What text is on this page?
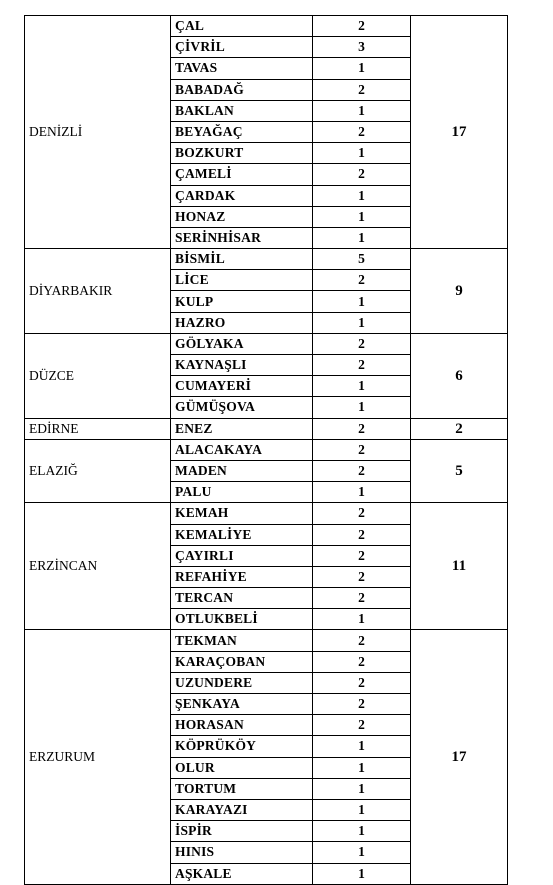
DENİZLİ	ÇAL	2	17
	ÇİVRİL	3	
	TAVAS	1	
	BABADAĞ	2	
	BAKLAN	1	
	BEYAĞAÇ	2	
	BOZKURT	1	
	ÇAMELİ	2	
	ÇARDAK	1	
	HONAZ	1	
	SERİNHİSAR	1	
DİYARBAKIR	BİSMİL	5	9
	LİCE	2	
	KULP	1	
	HAZRO	1	
DÜZCE	GÖLYAKA	2	6
	KAYNAŞLI	2	
	CUMAYERİ	1	
	GÜMÜŞOVA	1	
EDİRNE	ENEZ	2	2
ELAZIĞ	ALACAKAYA	2	5
	MADEN	2	
	PALU	1	
ERZİNCAN	KEMAH	2	11
	KEMALİYE	2	
	ÇAYIRLI	2	
	REFAHİYE	2	
	TERCAN	2	
	OTLUKBELİ	1	
ERZURUM	TEKMAN	2	17
	KARAÇOBAN	2	
	UZUNDERE	2	
	ŞENKAYA	2	
	HORASAN	2	
	KÖPRÜKÖY	1	
	OLUR	1	
	TORTUM	1	
	KARAYAZI	1	
	İSPİR	1	
	HINIS	1	
	AŞKALE	1	
